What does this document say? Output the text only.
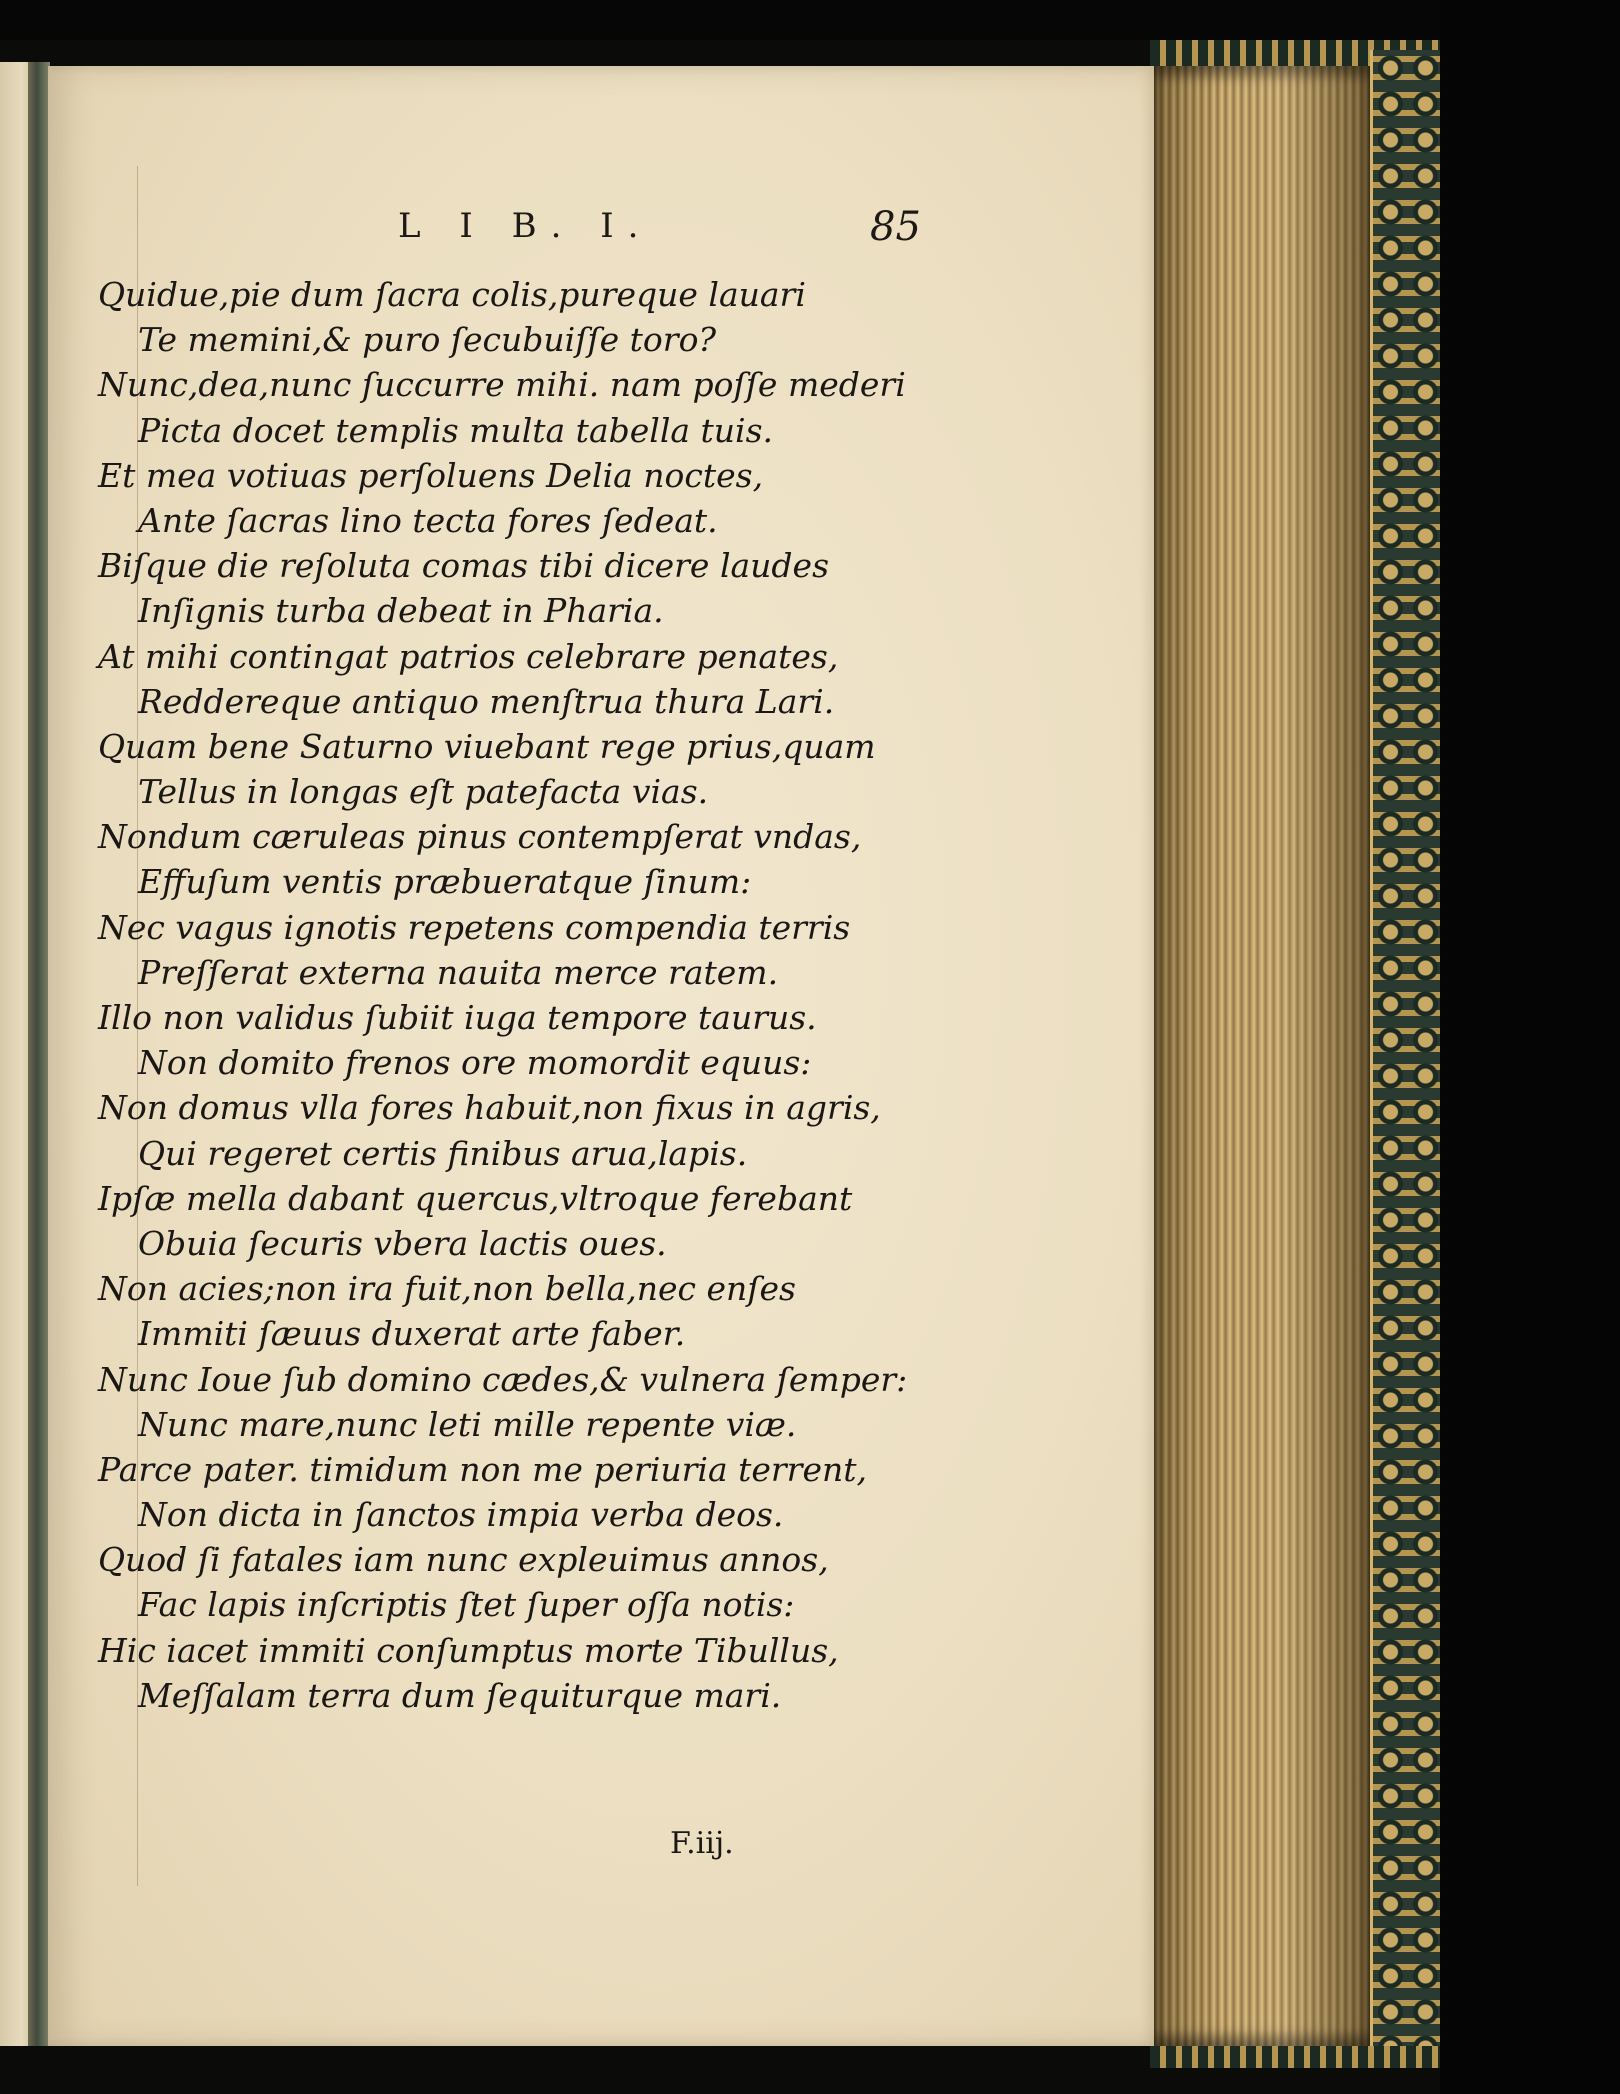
L I B. I.	85
Quidue,pie dum ſacra colis,pureque lauari
Te memini,& puro ſecubuiſſe toro?
Nunc,dea,nunc ſuccurre mihi. nam poſſe mederi
Picta docet templis multa tabella tuis.
Et mea votiuas perſoluens Delia noctes,
Ante ſacras lino tecta fores ſedeat.
Biſque die reſoluta comas tibi dicere laudes
Inſignis turba debeat in Pharia.
At mihi contingat patrios celebrare penates,
Reddereque antiquo menſtrua thura Lari.
Quam bene Saturno viuebant rege prius,quam
Tellus in longas eſt patefacta vias.
Nondum cæruleas pinus contempſerat vndas,
Effuſum ventis præbueratque ſinum:
Nec vagus ignotis repetens compendia terris
Preſſerat externa nauita merce ratem.
Illo non validus ſubiit iuga tempore taurus.
Non domito frenos ore momordit equus:
Non domus vlla fores habuit,non fixus in agris,
Qui regeret certis finibus arua,lapis.
Ipſæ mella dabant quercus,vltroque ferebant
Obuia ſecuris vbera lactis oues.
Non acies;non ira fuit,non bella,nec enſes
Immiti ſæuus duxerat arte faber.
Nunc Ioue ſub domino cædes,& vulnera ſemper:
Nunc mare,nunc leti mille repente viæ.
Parce pater. timidum non me periuria terrent,
Non dicta in ſanctos impia verba deos.
Quod ſi fatales iam nunc expleuimus annos,
Fac lapis inſcriptis ſtet ſuper oſſa notis:
Hic iacet immiti conſumptus morte Tibullus,
Meſſalam terra dum ſequiturque mari.
F.iij.
